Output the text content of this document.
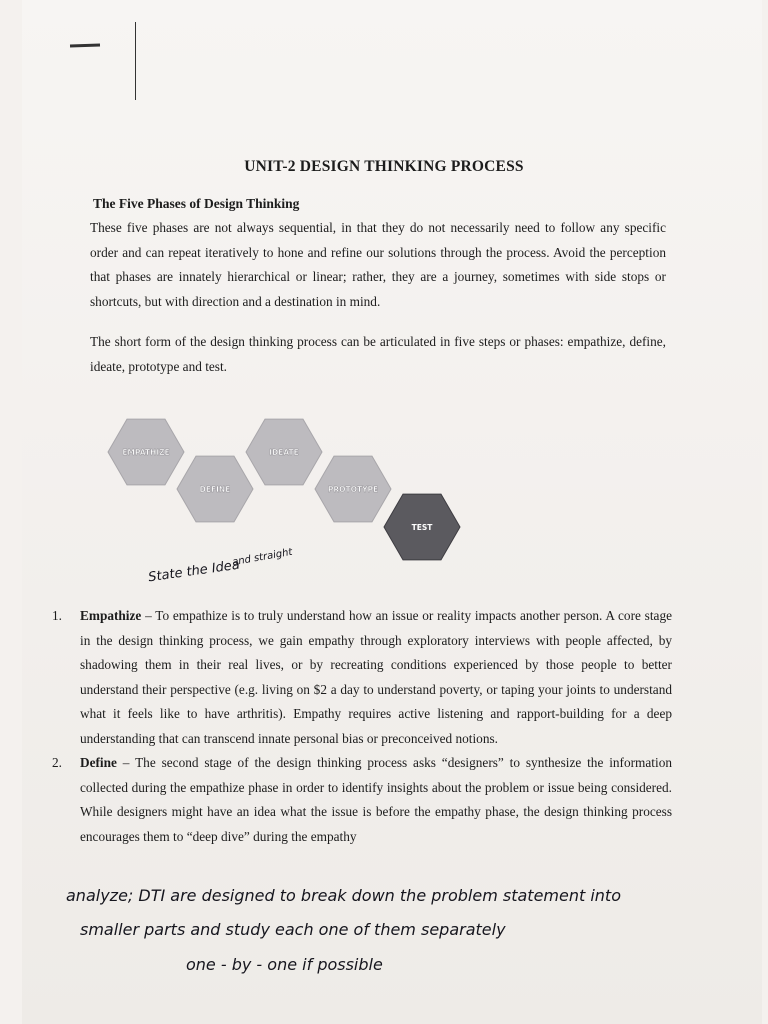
UNIT-2 DESIGN THINKING PROCESS
The Five Phases of Design Thinking

These five phases are not always sequential, in that they do not necessarily need to follow any specific order and can repeat iteratively to hone and refine our solutions through the process. Avoid the perception that phases are innately hierarchical or linear; rather, they are a journey, sometimes with side stops or shortcuts, but with direction and a destination in mind.

The short form of the design thinking process can be articulated in five steps or phases: empathize, define, ideate, prototype and test.

EMPATHIZE
DEFINE
IDEATE
PROTOTYPE
TEST
and straight
State the Idea
1. Empathize – To empathize is to truly understand how an issue or reality impacts another person. A core stage in the design thinking process, we gain empathy through exploratory interviews with people affected, by shadowing them in their real lives, or by recreating conditions experienced by those people to better understand their perspective (e.g. living on $2 a day to understand poverty, or taping your joints to understand what it feels like to have arthritis). Empathy requires active listening and rapport-building for a deep understanding that can transcend innate personal bias or preconceived notions.
2. Define – The second stage of the design thinking process asks “designers” to synthesize the information collected during the empathize phase in order to identify insights about the problem or issue being considered. While designers might have an idea what the issue is before the empathy phase, the design thinking process encourages them to “deep dive” during the empathy
analyze; DTI are designed to break down the problem statement into
smaller parts and study each one of them separately
one - by - one if possible
